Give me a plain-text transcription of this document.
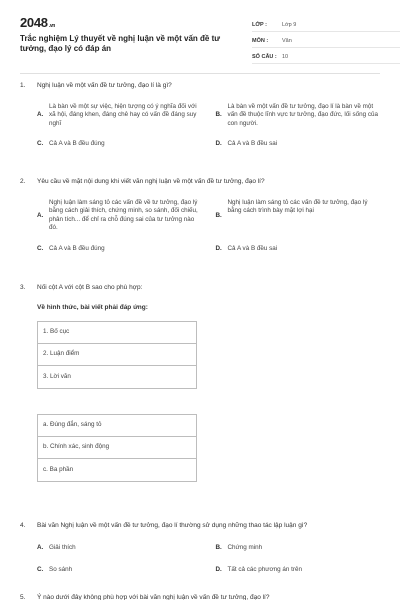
2048.vn
Trắc nghiệm Lý thuyết về nghị luận về một vấn đề tư tưởng, đạo lý có đáp án
LỚP :	Lớp 9
MÔN :	Văn
SỐ CÂU : 10
1.	Nghị luận về một vấn đề tư tưởng, đạo lí là gì?
A.
Là bàn về một sự việc, hiện tượng có ý nghĩa đối với xã hội, đáng khen, đáng chê hay có vấn đề đáng suy nghĩ
B.
Là bàn về một vấn đề tư tưởng, đạo lí là bàn về một vấn đề thuộc lĩnh vực tư tưởng, đạo đức, lối sống của con người.
C. Cả A và B đều đúng	D. Cả A và B đều sai
2.	Yêu cầu về mặt nội dung khi viết văn nghị luận về một vấn đề tư tưởng, đạo lí?
A.
Nghị luận làm sáng tỏ các vấn đề về tư tưởng, đạo lý bằng cách giải thích, chứng minh, so sánh, đối chiếu, phân tích... để chỉ ra chỗ đúng sai của tư tưởng nào đó.
B.
Nghị luận làm sáng tỏ các vấn đề tư tưởng, đạo lý bằng cách trình bày mặt lợi hại
C. Cả A và B đều đúng	D. Cả A và B đều sai
3.	Nối cột A với cột B sao cho phù hợp:
Về hình thức, bài viết phải đáp ứng:
1. Bố cục
2. Luận điểm
3. Lời văn
a. Đúng đắn, sáng tỏ
b. Chính xác, sinh động
c. Ba phần
4.	Bài văn Nghị luận về một vấn đề tư tưởng, đạo lí thường sử dụng những thao tác lập luận gì?
A. Giải thích	B. Chứng minh
C. So sánh	D. Tất cả các phương án trên
5.	Ý nào dưới đây không phù hợp với bài văn nghị luận về vấn đề tư tưởng, đạo lí?
